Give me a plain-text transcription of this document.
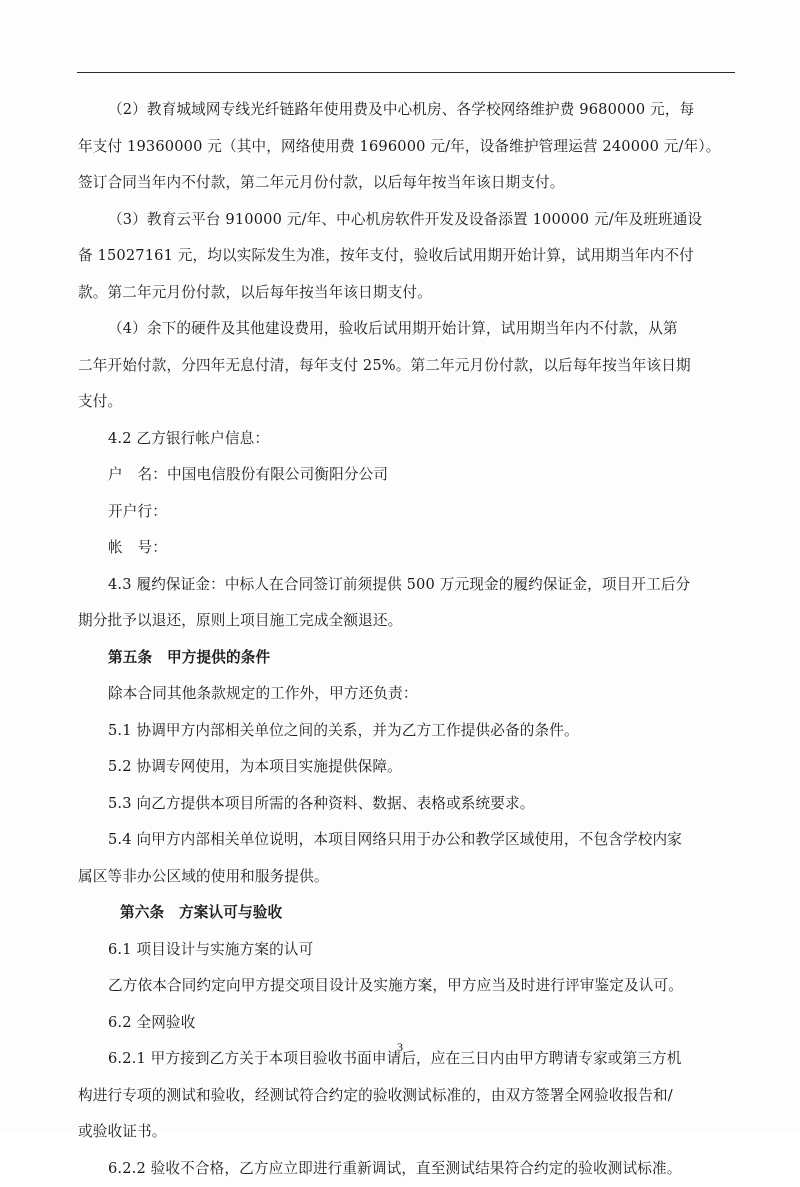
（2）教育城域网专线光纤链路年使用费及中心机房、各学校网络维护费 9680000 元，每
年支付 19360000 元（其中，网络使用费 1696000 元/年，设备维护管理运营 240000 元/年）。
签订合同当年内不付款，第二年元月份付款，以后每年按当年该日期支付。
（3）教育云平台 910000 元/年、中心机房软件开发及设备添置 100000 元/年及班班通设
备 15027161 元，均以实际发生为准，按年支付，验收后试用期开始计算，试用期当年内不付
款。第二年元月份付款，以后每年按当年该日期支付。
（4）余下的硬件及其他建设费用，验收后试用期开始计算，试用期当年内不付款，从第
二年开始付款，分四年无息付清，每年支付 25%。第二年元月份付款，以后每年按当年该日期
支付。
4.2 乙方银行帐户信息：
户　名：中国电信股份有限公司衡阳分公司
开户行：
帐　号：
4.3 履约保证金：中标人在合同签订前须提供 500 万元现金的履约保证金，项目开工后分
期分批予以退还，原则上项目施工完成全额退还。
第五条　甲方提供的条件
除本合同其他条款规定的工作外，甲方还负责：
5.1 协调甲方内部相关单位之间的关系，并为乙方工作提供必备的条件。
5.2 协调专网使用，为本项目实施提供保障。
5.3 向乙方提供本项目所需的各种资料、数据、表格或系统要求。
5.4 向甲方内部相关单位说明，本项目网络只用于办公和教学区域使用，不包含学校内家
属区等非办公区域的使用和服务提供。
第六条　方案认可与验收
6.1 项目设计与实施方案的认可
乙方依本合同约定向甲方提交项目设计及实施方案，甲方应当及时进行评审鉴定及认可。
6.2 全网验收
6.2.1 甲方接到乙方关于本项目验收书面申请后，应在三日内由甲方聘请专家或第三方机
构进行专项的测试和验收，经测试符合约定的验收测试标准的，由双方签署全网验收报告和/
或验收证书。
6.2.2 验收不合格，乙方应立即进行重新调试，直至测试结果符合约定的验收测试标准。
3
